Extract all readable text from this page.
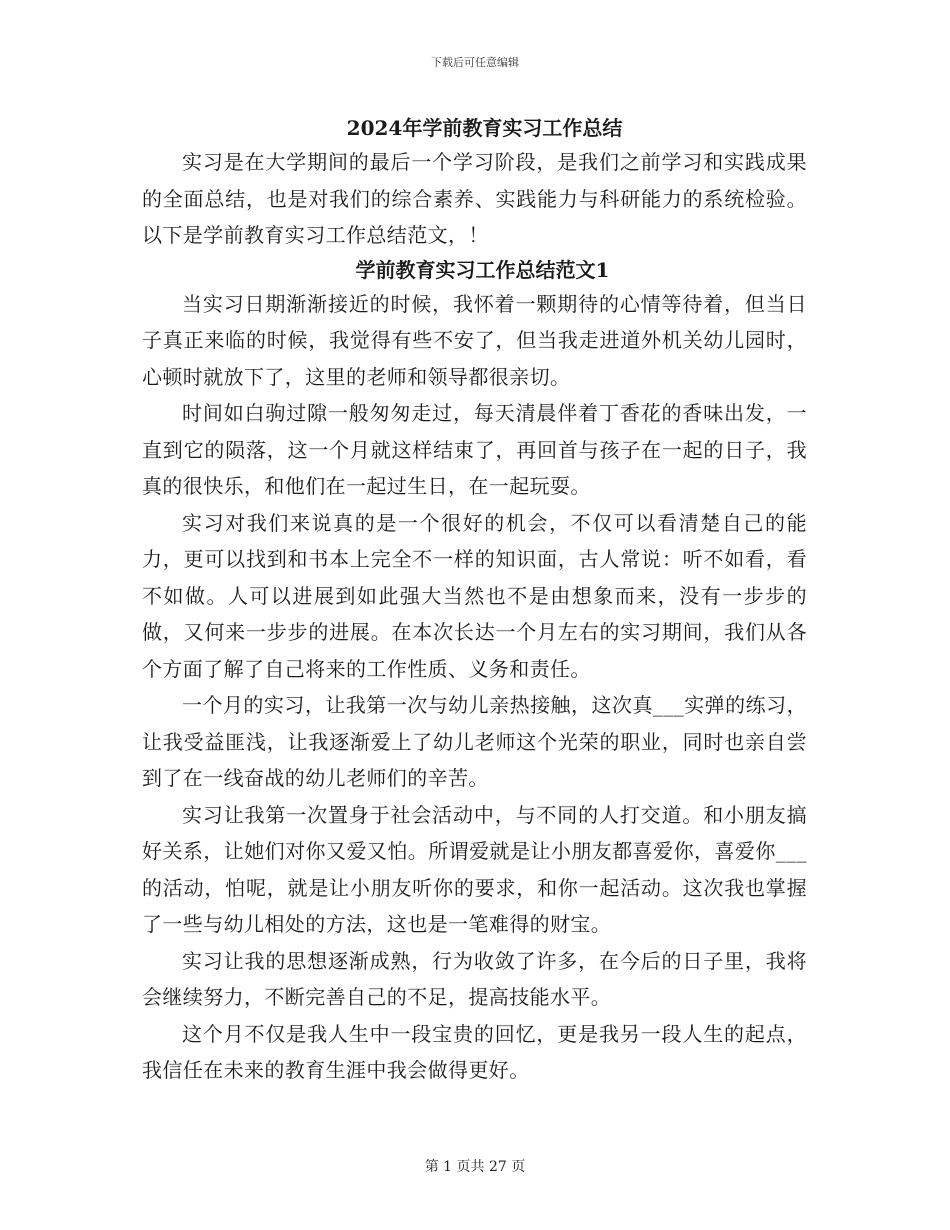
下载后可任意编辑
2024年学前教育实习工作总结

实习是在大学期间的最后一个学习阶段，是我们之前学习和实践成果的全面总结，也是对我们的综合素养、实践能力与科研能力的系统检验。以下是学前教育实习工作总结范文，！

学前教育实习工作总结范文1

当实习日期渐渐接近的时候，我怀着一颗期待的心情等待着，但当日子真正来临的时候，我觉得有些不安了，但当我走进道外机关幼儿园时，心顿时就放下了，这里的老师和领导都很亲切。

时间如白驹过隙一般匆匆走过，每天清晨伴着丁香花的香味出发，一直到它的陨落，这一个月就这样结束了，再回首与孩子在一起的日子，我真的很快乐，和他们在一起过生日，在一起玩耍。

实习对我们来说真的是一个很好的机会，不仅可以看清楚自己的能力，更可以找到和书本上完全不一样的知识面，古人常说：听不如看，看不如做。人可以进展到如此强大当然也不是由想象而来，没有一步步的做，又何来一步步的进展。在本次长达一个月左右的实习期间，我们从各个方面了解了自己将来的工作性质、义务和责任。

一个月的实习，让我第一次与幼儿亲热接触，这次真___实弹的练习，让我受益匪浅，让我逐渐爱上了幼儿老师这个光荣的职业，同时也亲自尝到了在一线奋战的幼儿老师们的辛苦。

实习让我第一次置身于社会活动中，与不同的人打交道。和小朋友搞好关系，让她们对你又爱又怕。所谓爱就是让小朋友都喜爱你，喜爱你___的活动，怕呢，就是让小朋友听你的要求，和你一起活动。这次我也掌握了一些与幼儿相处的方法，这也是一笔难得的财宝。

实习让我的思想逐渐成熟，行为收敛了许多，在今后的日子里，我将会继续努力，不断完善自己的不足，提高技能水平。

这个月不仅是我人生中一段宝贵的回忆，更是我另一段人生的起点，我信任在未来的教育生涯中我会做得更好。

第 1 页共 27 页
